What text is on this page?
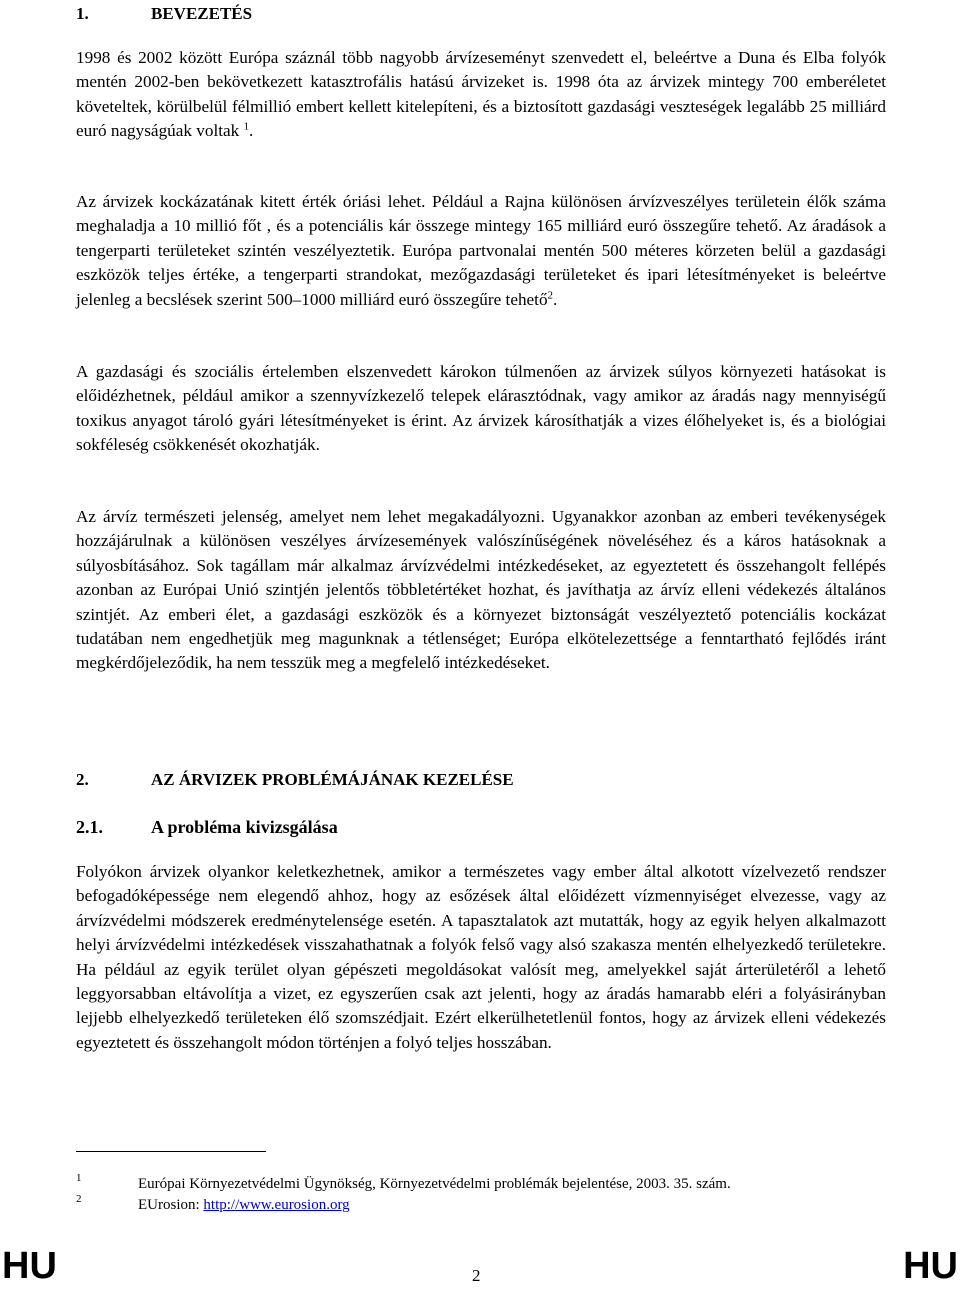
1.	BEVEZETÉS

1998 és 2002 között Európa száznál több nagyobb árvízeseményt szenvedett el, beleértve a Duna és Elba folyók mentén 2002-ben bekövetkezett katasztrofális hatású árvizeket is. 1998 óta az árvizek mintegy 700 emberéletet követeltek, körülbelül félmillió embert kellett kitelepíteni, és a biztosított gazdasági veszteségek legalább 25 milliárd euró nagyságúak voltak $^1$.

Az árvizek kockázatának kitett érték óriási lehet. Például a Rajna különösen árvízveszélyes területein élők száma meghaladja a 10 millió főt , és a potenciális kár összege mintegy 165 milliárd euró összegűre tehető. Az áradások a tengerparti területeket szintén veszélyeztetik. Európa partvonalai mentén 500 méteres körzeten belül a gazdasági eszközök teljes értéke, a tengerparti strandokat, mezőgazdasági területeket és ipari létesítményeket is beleértve jelenleg a becslések szerint 500–1000 milliárd euró összegűre tehető$^2$.

A gazdasági és szociális értelemben elszenvedett károkon túlmenően az árvizek súlyos környezeti hatásokat is előidézhetnek, például amikor a szennyvízkezelő telepek elárasztódnak, vagy amikor az áradás nagy mennyiségű toxikus anyagot tároló gyári létesítményeket is érint. Az árvizek károsíthatják a vizes élőhelyeket is, és a biológiai sokféleség csökkenését okozhatják.

Az árvíz természeti jelenség, amelyet nem lehet megakadályozni. Ugyanakkor azonban az emberi tevékenységek hozzájárulnak a különösen veszélyes árvízesemények valószínűségének növeléséhez és a káros hatásoknak a súlyosbításához. Sok tagállam már alkalmaz árvízvédelmi intézkedéseket, az egyeztetett és összehangolt fellépés azonban az Európai Unió szintjén jelentős többletértéket hozhat, és javíthatja az árvíz elleni védekezés általános szintjét. Az emberi élet, a gazdasági eszközök és a környezet biztonságát veszélyeztető potenciális kockázat tudatában nem engedhetjük meg magunknak a tétlenséget; Európa elkötelezettsége a fenntartható fejlődés iránt megkérdőjeleződik, ha nem tesszük meg a megfelelő intézkedéseket.

2.	AZ ÁRVIZEK PROBLÉMÁJÁNAK KEZELÉSE
2.1.	A probléma kivizsgálása

Folyókon árvizek olyankor keletkezhetnek, amikor a természetes vagy ember által alkotott vízelvezető rendszer befogadóképessége nem elegendő ahhoz, hogy az esőzések által előidézett vízmennyiséget elvezesse, vagy az árvízvédelmi módszerek eredménytelensége esetén. A tapasztalatok azt mutatták, hogy az egyik helyen alkalmazott helyi árvízvédelmi intézkedések visszahathatnak a folyók felső vagy alsó szakasza mentén elhelyezkedő területekre. Ha például az egyik terület olyan gépészeti megoldásokat valósít meg, amelyekkel saját árterületéről a lehető leggyorsabban eltávolítja a vizet, ez egyszerűen csak azt jelenti, hogy az áradás hamarabb eléri a folyásirányban lejjebb elhelyezkedő területeken élő szomszédjait. Ezért elkerülhetetlenül fontos, hogy az árvizek elleni védekezés egyeztetett és összehangolt módon történjen a folyó teljes hosszában.

1	Európai Környezetvédelmi Ügynökség, Környezetvédelmi problémák bejelentése, 2003. 35. szám.
2	EUrosion: http://www.eurosion.org
HU	2	HU
